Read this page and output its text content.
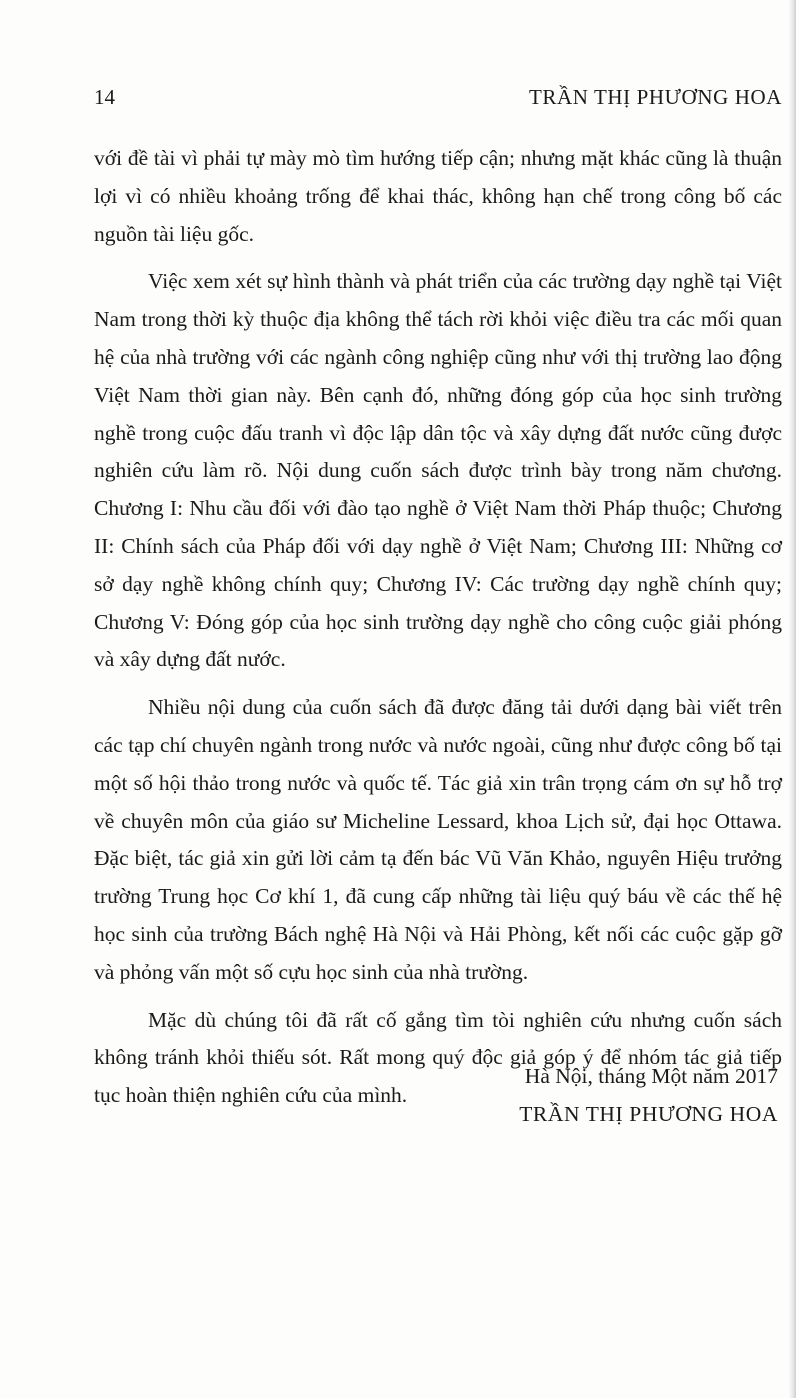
14	TRẦN THỊ PHƯƠNG HOA

với đề tài vì phải tự mày mò tìm hướng tiếp cận; nhưng mặt khác cũng là thuận lợi vì có nhiều khoảng trống để khai thác, không hạn chế trong công bố các nguồn tài liệu gốc.

Việc xem xét sự hình thành và phát triển của các trường dạy nghề tại Việt Nam trong thời kỳ thuộc địa không thể tách rời khỏi việc điều tra các mối quan hệ của nhà trường với các ngành công nghiệp cũng như với thị trường lao động Việt Nam thời gian này. Bên cạnh đó, những đóng góp của học sinh trường nghề trong cuộc đấu tranh vì độc lập dân tộc và xây dựng đất nước cũng được nghiên cứu làm rõ. Nội dung cuốn sách được trình bày trong năm chương. Chương I: Nhu cầu đối với đào tạo nghề ở Việt Nam thời Pháp thuộc; Chương II: Chính sách của Pháp đối với dạy nghề ở Việt Nam; Chương III: Những cơ sở dạy nghề không chính quy; Chương IV: Các trường dạy nghề chính quy; Chương V: Đóng góp của học sinh trường dạy nghề cho công cuộc giải phóng và xây dựng đất nước.

Nhiều nội dung của cuốn sách đã được đăng tải dưới dạng bài viết trên các tạp chí chuyên ngành trong nước và nước ngoài, cũng như được công bố tại một số hội thảo trong nước và quốc tế. Tác giả xin trân trọng cám ơn sự hỗ trợ về chuyên môn của giáo sư Micheline Lessard, khoa Lịch sử, đại học Ottawa. Đặc biệt, tác giả xin gửi lời cảm tạ đến bác Vũ Văn Khảo, nguyên Hiệu trưởng trường Trung học Cơ khí 1, đã cung cấp những tài liệu quý báu về các thế hệ học sinh của trường Bách nghệ Hà Nội và Hải Phòng, kết nối các cuộc gặp gỡ và phỏng vấn một số cựu học sinh của nhà trường.

Mặc dù chúng tôi đã rất cố gắng tìm tòi nghiên cứu nhưng cuốn sách không tránh khỏi thiếu sót. Rất mong quý độc giả góp ý để nhóm tác giả tiếp tục hoàn thiện nghiên cứu của mình.

Hà Nội, tháng Một năm 2017
TRẦN THỊ PHƯƠNG HOA
